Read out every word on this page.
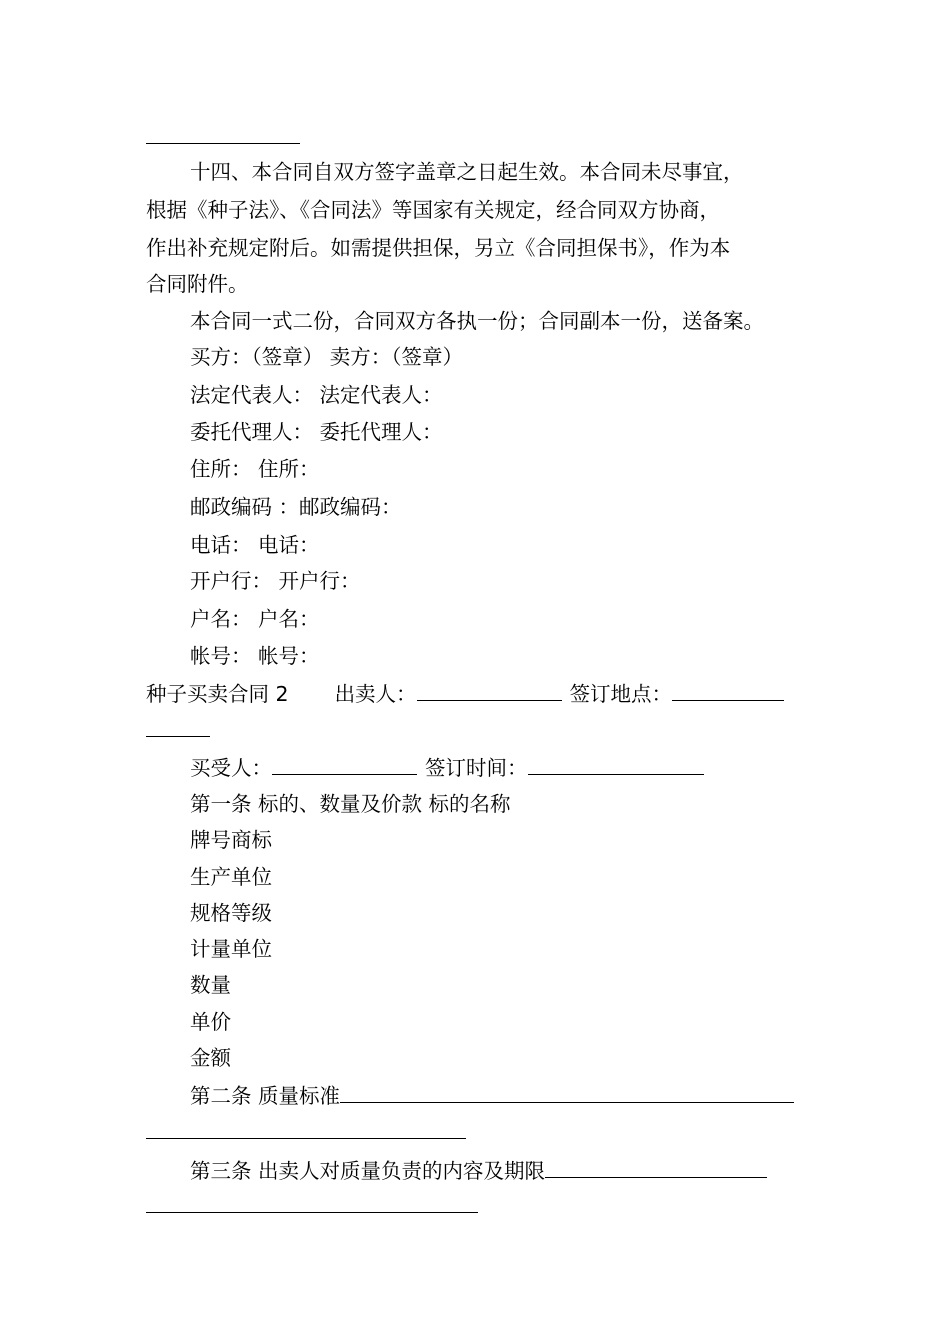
十四、本合同自双方签字盖章之日起生效。本合同未尽事宜，
根据《种子法》、《合同法》等国家有关规定，经合同双方协商，
作出补充规定附后。如需提供担保，另立《合同担保书》，作为本
合同附件。
本合同一式二份，合同双方各执一份；合同副本一份，送备案。
买方：（签章） 卖方：（签章）
法定代表人： 法定代表人：
委托代理人： 委托代理人：
住所： 住所：
邮政编码 ：邮政编码：
电话： 电话：
开户行： 开户行：
户名： 户名：
帐号： 帐号：
种子买卖合同 2 出卖人：	签订地点：
买受人：	签订时间：
第一条 标的、数量及价款 标的名称
牌号商标
生产单位
规格等级
计量单位
数量
单价
金额
第二条 质量标准
第三条 出卖人对质量负责的内容及期限
